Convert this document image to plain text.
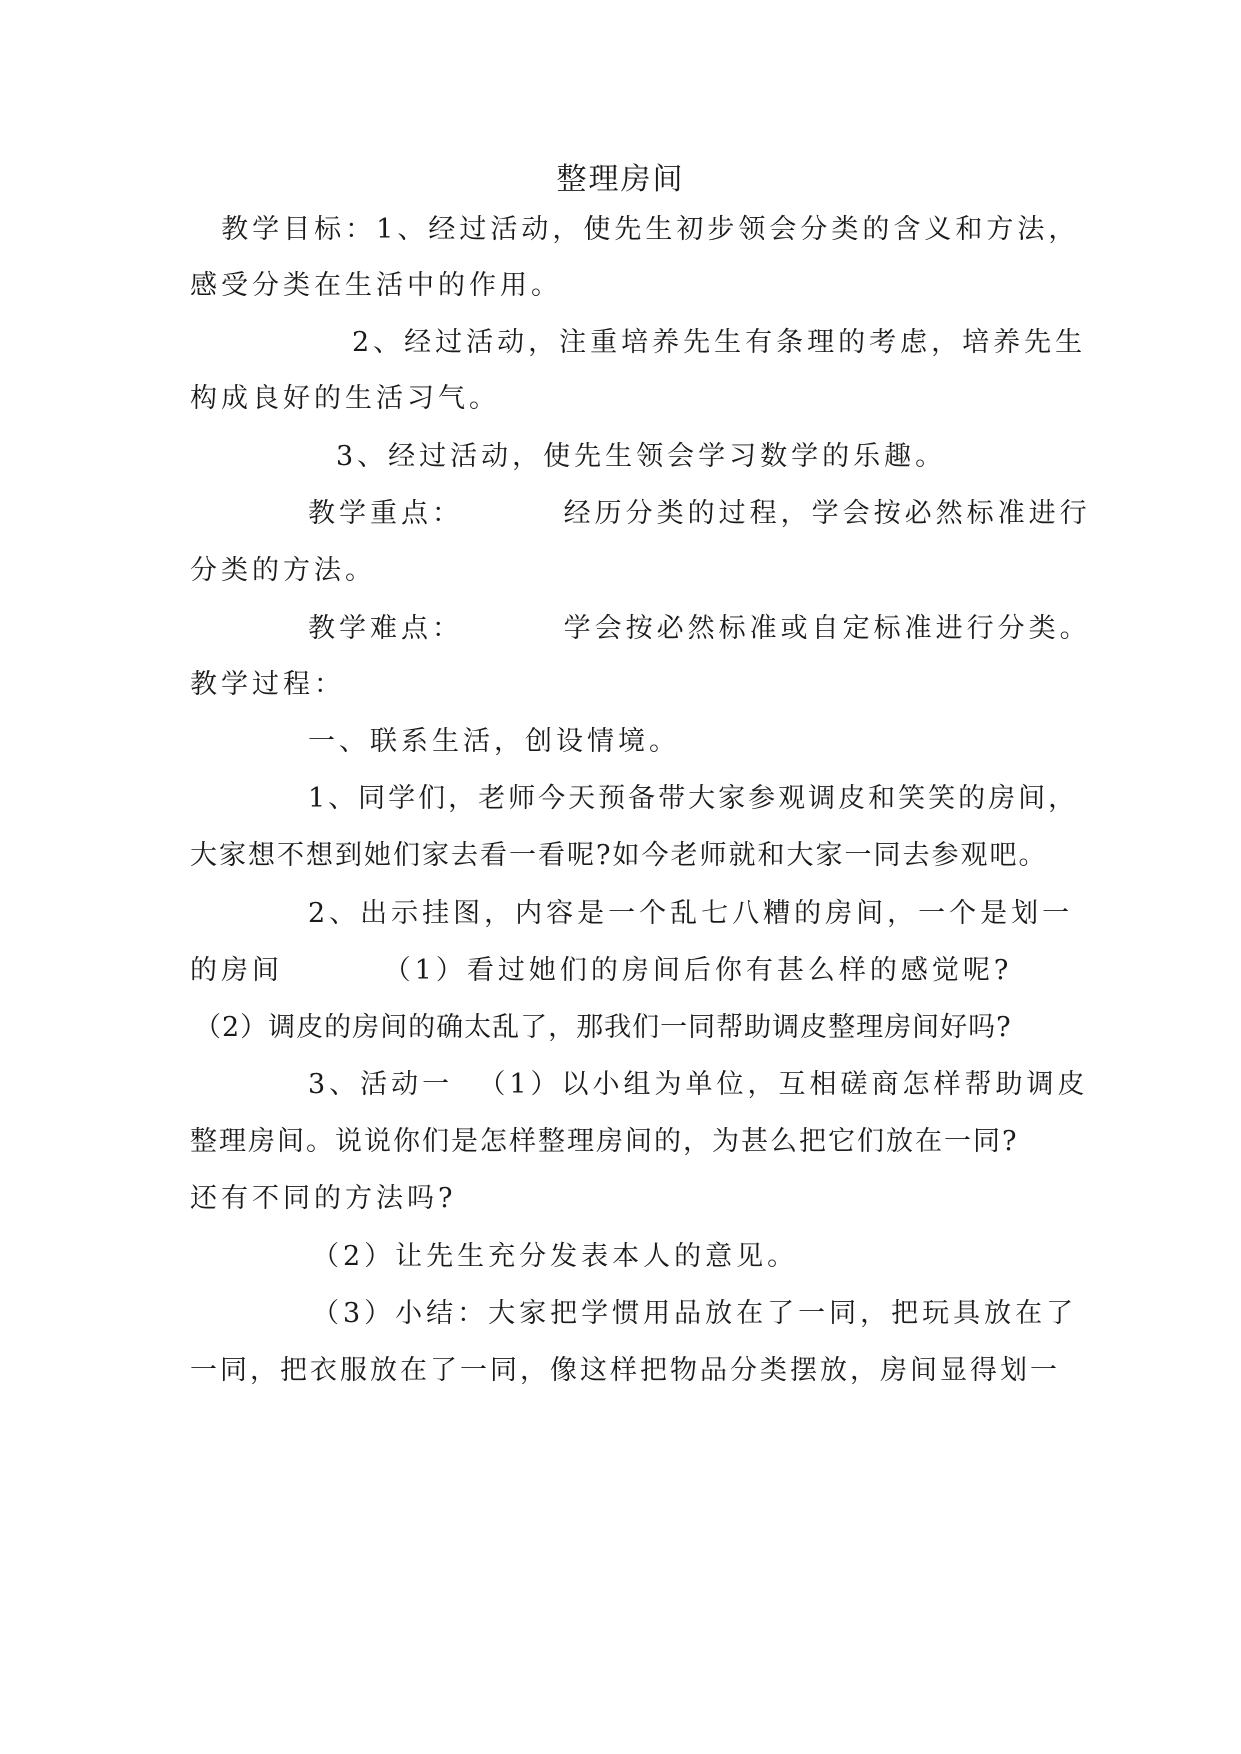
整理房间
教学目标：1、经过活动，使先生初步领会分类的含义和方法，
感受分类在生活中的作用。
2、经过活动，注重培养先生有条理的考虑，培养先生
构成良好的生活习气。
3、经过活动，使先生领会学习数学的乐趣。
教学重点：        经历分类的过程，学会按必然标准进行
分类的方法。
教学难点：        学会按必然标准或自定标准进行分类。
教学过程：
一、联系生活，创设情境。
1、同学们，老师今天预备带大家参观调皮和笑笑的房间，
大家想不想到她们家去看一看呢?如今老师就和大家一同去参观吧。
2、出示挂图，内容是一个乱七八糟的房间，一个是划一
的房间        （1）看过她们的房间后你有甚么样的感觉呢?
（2）调皮的房间的确太乱了，那我们一同帮助调皮整理房间好吗?
3、活动一  （1）以小组为单位，互相磋商怎样帮助调皮
整理房间。说说你们是怎样整理房间的，为甚么把它们放在一同?
还有不同的方法吗?
（2）让先生充分发表本人的意见。
（3）小结：大家把学惯用品放在了一同，把玩具放在了
一同，把衣服放在了一同，像这样把物品分类摆放，房间显得划一
